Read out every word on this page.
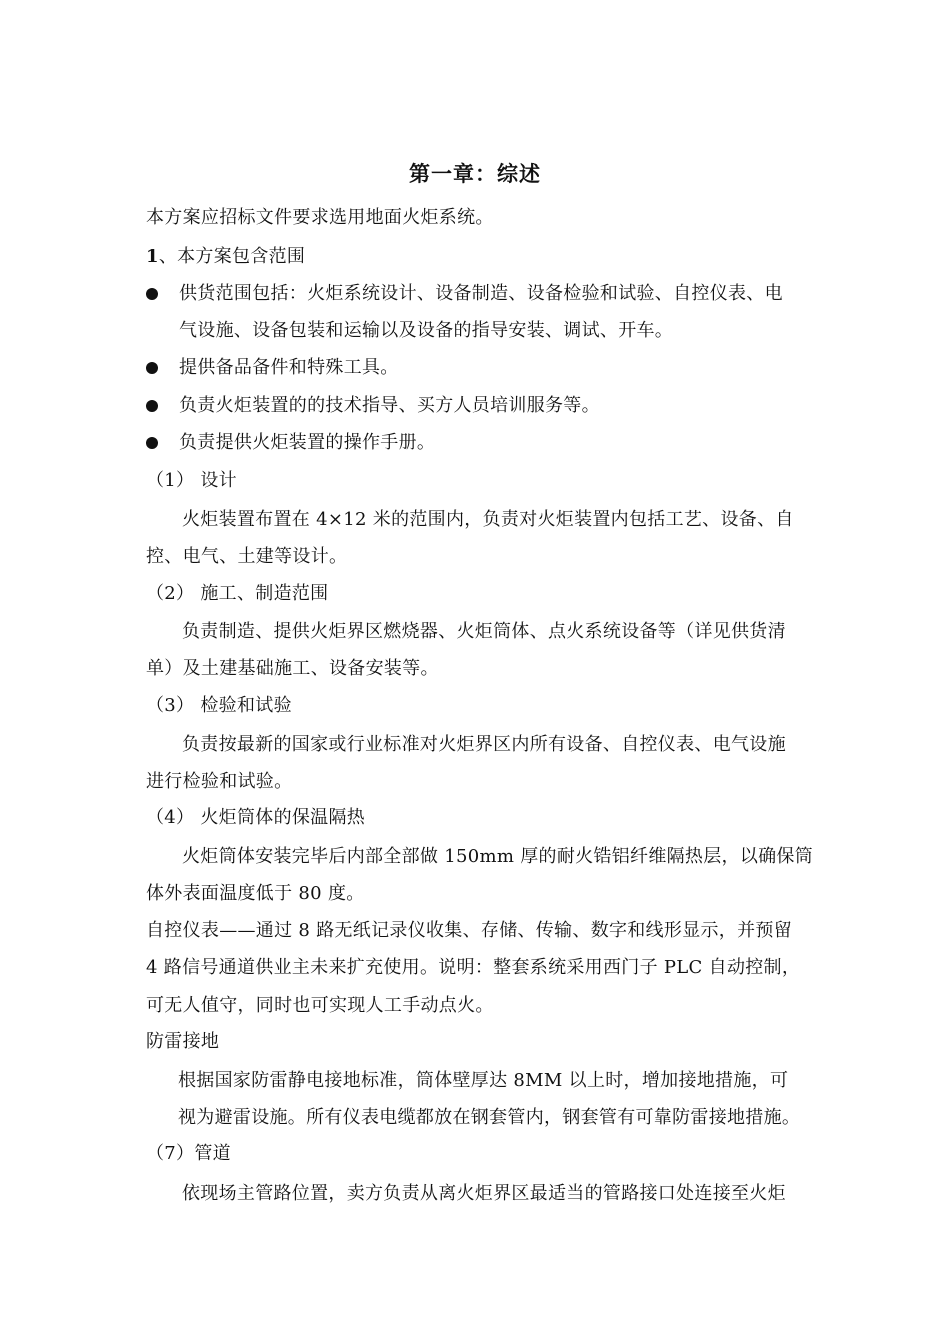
第一章：综述
本方案应招标文件要求选用地面火炬系统。
1、本方案包含范围
供货范围包括：火炬系统设计、设备制造、设备检验和试验、自控仪表、电
气设施、设备包装和运输以及设备的指导安装、调试、开车。
提供备品备件和特殊工具。
负责火炬装置的的技术指导、买方人员培训服务等。
负责提供火炬装置的操作手册。
（1） 设计
火炬装置布置在 4×12 米的范围内，负责对火炬装置内包括工艺、设备、自
控、电气、土建等设计。
（2） 施工、制造范围
负责制造、提供火炬界区燃烧器、火炬筒体、点火系统设备等（详见供货清
单）及土建基础施工、设备安装等。
（3） 检验和试验
负责按最新的国家或行业标准对火炬界区内所有设备、自控仪表、电气设施
进行检验和试验。
（4） 火炬筒体的保温隔热
火炬筒体安装完毕后内部全部做 150mm 厚的耐火锆铝纤维隔热层，以确保筒
体外表面温度低于 80 度。
自控仪表——通过 8 路无纸记录仪收集、存储、传输、数字和线形显示，并预留
4 路信号通道供业主未来扩充使用。说明：整套系统采用西门子 PLC 自动控制，
可无人值守，同时也可实现人工手动点火。
防雷接地
根据国家防雷静电接地标准，筒体壁厚达 8MM 以上时，增加接地措施，可
视为避雷设施。所有仪表电缆都放在钢套管内，钢套管有可靠防雷接地措施。
（7）管道
依现场主管路位置，卖方负责从离火炬界区最适当的管路接口处连接至火炬
